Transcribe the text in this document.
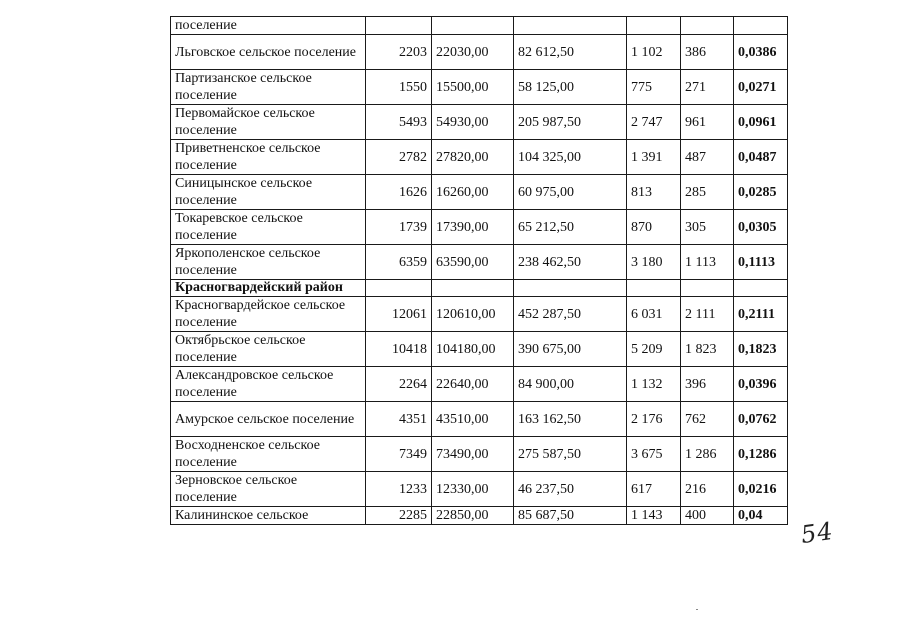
поселение						
Льговское сельское поселение	2203	22030,00	82 612,50	1 102	386	0,0386
Партизанское сельское поселение	1550	15500,00	58 125,00	775	271	0,0271
Первомайское сельское поселение	5493	54930,00	205 987,50	2 747	961	0,0961
Приветненское сельское поселение	2782	27820,00	104 325,00	1 391	487	0,0487
Синицынское сельское поселение	1626	16260,00	60 975,00	813	285	0,0285
Токаревское сельское поселение	1739	17390,00	65 212,50	870	305	0,0305
Яркополенское сельское поселение	6359	63590,00	238 462,50	3 180	1 113	0,1113
Красногвардейский район						
Красногвардейское сельское поселение	12061	120610,00	452 287,50	6 031	2 111	0,2111
Октябрьское сельское поселение	10418	104180,00	390 675,00	5 209	1 823	0,1823
Александровское сельское поселение	2264	22640,00	84 900,00	1 132	396	0,0396
Амурское сельское поселение	4351	43510,00	163 162,50	2 176	762	0,0762
Восходненское сельское поселение	7349	73490,00	275 587,50	3 675	1 286	0,1286
Зерновское сельское поселение	1233	12330,00	46 237,50	617	216	0,0216
Калининское сельское	2285	22850,00	85 687,50	1 143	400	0,04
54
